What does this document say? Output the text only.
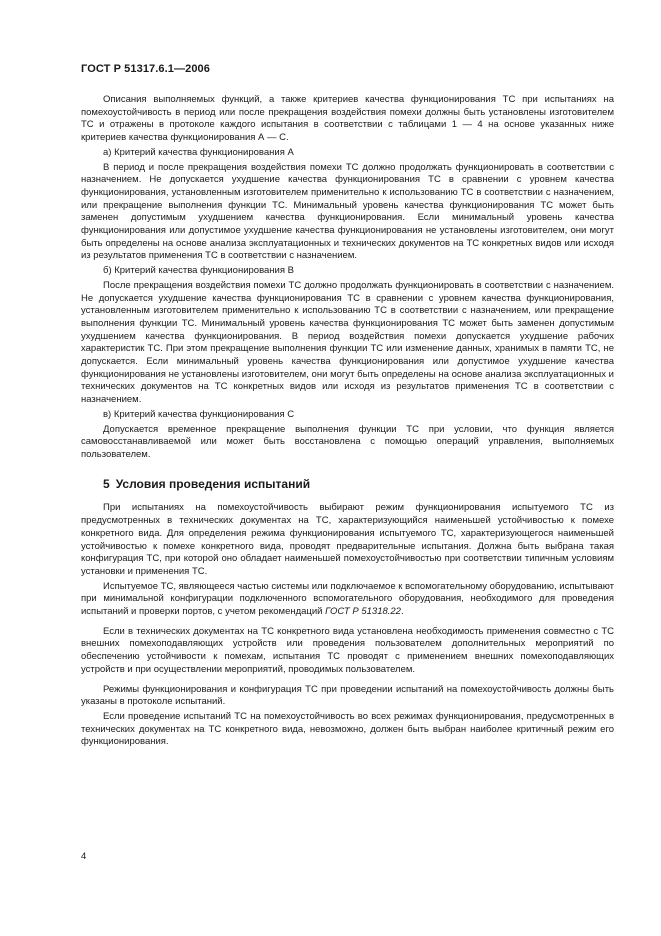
ГОСТ Р 51317.6.1—2006

Описания выполняемых функций, а также критериев качества функционирования ТС при испытаниях на помехоустойчивость в период или после прекращения воздействия помехи должны быть установлены изготовителем ТС и отражены в протоколе каждого испытания в соответствии с таблицами 1 — 4 на основе указанных ниже критериев качества функционирования А — С.

а) Критерий качества функционирования А

В период и после прекращения воздействия помехи ТС должно продолжать функционировать в соответствии с назначением. Не допускается ухудшение качества функционирования ТС в сравнении с уровнем качества функционирования, установленным изготовителем применительно к использованию ТС в соответствии с назначением, или прекращение выполнения функции ТС. Минимальный уровень качества функционирования ТС может быть заменен допустимым ухудшением качества функционирования. Если минимальный уровень качества функционирования или допустимое ухудшение качества функционирования не установлены изготовителем, они могут быть определены на основе анализа эксплуатационных и технических документов на ТС конкретных видов или исходя из результатов применения ТС в соответствии с назначением.

б) Критерий качества функционирования В

После прекращения воздействия помехи ТС должно продолжать функционировать в соответствии с назначением. Не допускается ухудшение качества функционирования ТС в сравнении с уровнем качества функционирования, установленным изготовителем применительно к использованию ТС в соответствии с назначением, или прекращение выполнения функции ТС. Минимальный уровень качества функционирования ТС может быть заменен допустимым ухудшением качества функционирования. В период воздействия помехи допускается ухудшение рабочих характеристик ТС. При этом прекращение выполнения функции ТС или изменение данных, хранимых в памяти ТС, не допускается. Если минимальный уровень качества функционирования или допустимое ухудшение качества функционирования не установлены изготовителем, они могут быть определены на основе анализа эксплуатационных и технических документов на ТС конкретных видов или исходя из результатов применения ТС в соответствии с назначением.

в) Критерий качества функционирования С

Допускается временное прекращение выполнения функции ТС при условии, что функция является самовосстанавливаемой или может быть восстановлена с помощью операций управления, выполняемых пользователем.

5 Условия проведения испытаний

При испытаниях на помехоустойчивость выбирают режим функционирования испытуемого ТС из предусмотренных в технических документах на ТС, характеризующийся наименьшей устойчивостью к помехе конкретного вида. Для определения режима функционирования испытуемого ТС, характеризующегося наименьшей устойчивостью к помехе конкретного вида, проводят предварительные испытания. Должна быть выбрана такая конфигурация ТС, при которой оно обладает наименьшей помехоустойчивостью при соответствии типичным условиям установки и применения ТС.

Испытуемое ТС, являющееся частью системы или подключаемое к вспомогательному оборудованию, испытывают при минимальной конфигурации подключенного вспомогательного оборудования, необходимого для проведения испытаний и проверки портов, с учетом рекомендаций ГОСТ Р 51318.22.

Если в технических документах на ТС конкретного вида установлена необходимость применения совместно с ТС внешних помехоподавляющих устройств или проведения пользователем дополнительных мероприятий по обеспечению устойчивости к помехам, испытания ТС проводят с применением внешних помехоподавляющих устройств и при осуществлении мероприятий, проводимых пользователем.

Режимы функционирования и конфигурация ТС при проведении испытаний на помехоустойчивость должны быть указаны в протоколе испытаний.

Если проведение испытаний ТС на помехоустойчивость во всех режимах функционирования, предусмотренных в технических документах на ТС конкретного вида, невозможно, должен быть выбран наиболее критичный режим его функционирования.

4
